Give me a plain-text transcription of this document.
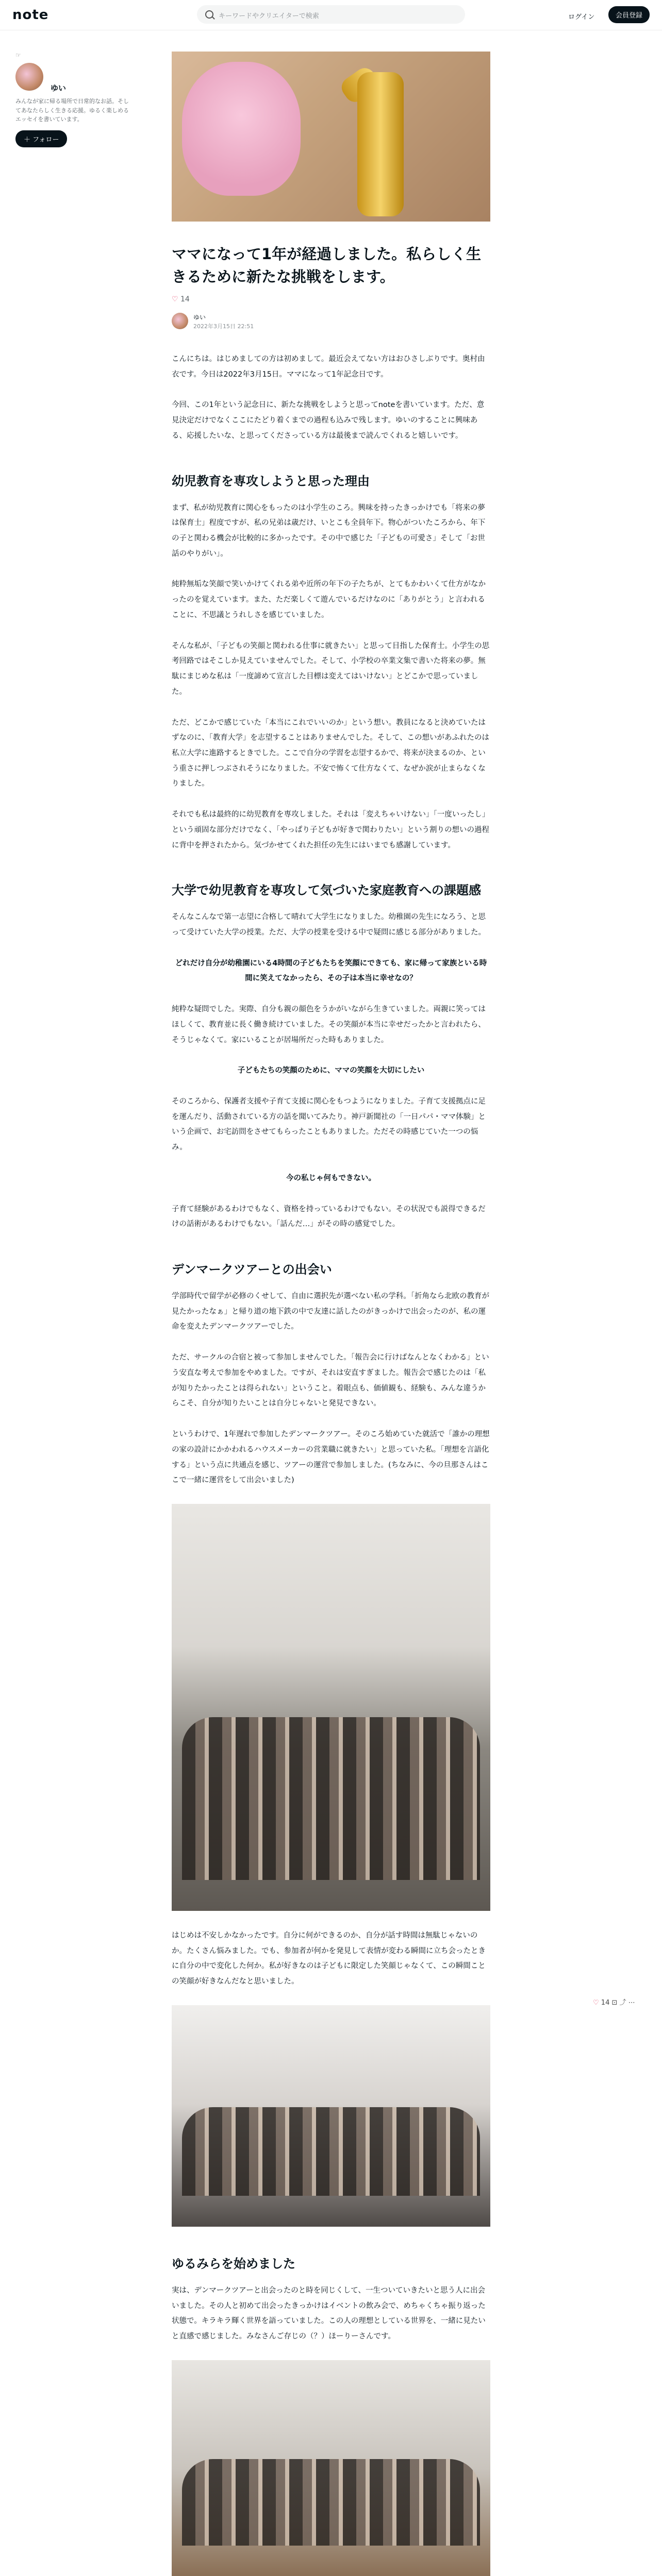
note	キーワードやクリエイターで検索	ログイン	会員登録
☞
ゆい
みんなが家に帰る場所で日常的なお話。そしてあなたらしく生きる応援。ゆるく楽しめるエッセイを書いています。
＋ フォロー
ママになって1年が経過しました。私らしく生きるために新たな挑戦をします。
♡ 14
ゆい
2022年3月15日 22:51

こんにちは。はじめましての方は初めまして。最近会えてない方はおひさしぶりです。奥村由衣です。今日は2022年3月15日。ママになって1年記念日です。

今回、この1年という記念日に、新たな挑戦をしようと思ってnoteを書いています。ただ、意見決定だけでなくここにたどり着くまでの過程も込みで残します。ゆいのすることに興味ある、応援したいな、と思ってくださっている方は最後まで読んでくれると嬉しいです。

幼児教育を専攻しようと思った理由

まず、私が幼児教育に関心をもったのは小学生のころ。興味を持ったきっかけでも「将来の夢は保育士」程度ですが、私の兄弟は歳だけ、いとこも全員年下。物心がついたころから、年下の子と関わる機会が比較的に多かったです。その中で感じた「子どもの可愛さ」そして「お世話のやりがい」。

純粋無垢な笑顔で笑いかけてくれる弟や近所の年下の子たちが、とてもかわいくて仕方がなかったのを覚えています。また、ただ楽しくて遊んでいるだけなのに「ありがとう」と言われることに、不思議とうれしさを感じていました。

そんな私が、「子どもの笑顔と関われる仕事に就きたい」と思って目指した保育士。小学生の思考回路ではそこしか見えていませんでした。そして、小学校の卒業文集で書いた将来の夢。無駄にまじめな私は「一度諦めて宣言した目標は変えてはいけない」とどこかで思っていました。

ただ、どこかで感じていた「本当にこれでいいのか」という想い。教員になると決めていたはずなのに、「教育大学」を志望することはありませんでした。そして、この想いがあふれたのは私立大学に進路するときでした。ここで自分の学習を志望するかで、将来が決まるのか、という重さに押しつぶされそうになりました。不安で怖くて仕方なくて、なぜか涙が止まらなくなりました。

それでも私は最終的に幼児教育を専攻しました。それは「変えちゃいけない」「一度いったし」という頑固な部分だけでなく、「やっぱり子どもが好きで関わりたい」という割りの想いの過程に背中を押されたから。気づかせてくれた担任の先生にはいまでも感謝しています。

大学で幼児教育を専攻して気づいた家庭教育への課題感

そんなこんなで第一志望に合格して晴れて大学生になりました。幼稚園の先生になろう、と思って受けていた大学の授業。ただ、大学の授業を受ける中で疑問に感じる部分がありました。

どれだけ自分が幼稚園にいる4時間の子どもたちを笑顔にできても、家に帰って家族といる時間に笑えてなかったら、その子は本当に幸せなの？

純粋な疑問でした。実際、自分も親の顔色をうかがいながら生きていました。両親に笑ってはほしくて、教育並に長く働き続けていました。その笑顔が本当に幸せだったかと言われたら、そうじゃなくて。家にいることが居場所だった時もありました。

子どもたちの笑顔のために、ママの笑顔を大切にしたい

そのころから、保護者支援や子育て支援に関心をもつようになりました。子育て支援拠点に足を運んだり、活動されている方の話を聞いてみたり。神戸新聞社の「一日パパ・ママ体験」という企画で、お宅訪問をさせてもらったこともありました。ただその時感じていた一つの悩み。

今の私じゃ何もできない。

子育て経験があるわけでもなく、資格を持っているわけでもない。その状況でも説得できるだけの話術があるわけでもない。「話んだ…」がその時の感覚でした。

デンマークツアーとの出会い

学部時代で留学が必修のくせして、自由に選択先が選べない私の学科。「折角なら北欧の教育が見たかったなぁ」と帰り道の地下鉄の中で友達に話したのがきっかけで出会ったのが、私の運命を変えたデンマークツアーでした。

ただ、サークルの合宿と被って参加しませんでした。「報告会に行けばなんとなくわかる」という安直な考えで参加をやめました。ですが、それは安直すぎました。報告会で感じたのは「私が知りたかったことは得られない」ということ。着眼点も、価値観も、経験も、みんな違うからこそ、自分が知りたいことは自分じゃないと発見できない。

というわけで、1年遅れで参加したデンマークツアー。そのころ始めていた就活で「誰かの理想の家の設計にかかわれるハウスメーカーの営業職に就きたい」と思っていた私。「理想を言語化する」という点に共通点を感じ、ツアーの運営で参加しました。(ちなみに、今の旦那さんはここで一緒に運営をして出会いました)

はじめは不安しかなかったです。自分に何ができるのか、自分が話す時間は無駄じゃないのか。たくさん悩みました。でも、参加者が何かを発見して表情が変わる瞬間に立ち会ったときに自分の中で変化した何か。私が好きなのは子どもに限定した笑顔じゃなくて、この瞬間ことの笑顔が好きなんだなと思いました。

ゆるみらを始めました

実は、デンマークツアーと出会ったのと時を同じくして、一生ついていきたいと思う人に出会いました。その人と初めて出会ったきっかけはイベントの飲み会で、めちゃくちゃ振り返った状態で。キラキラ輝く世界を語っていました。この人の理想としている世界を、一緒に見たいと直感で感じました。みなさんご存じの（？）ほーりーさんです。

♡ 14 ⊡ ⤴ ⋯
